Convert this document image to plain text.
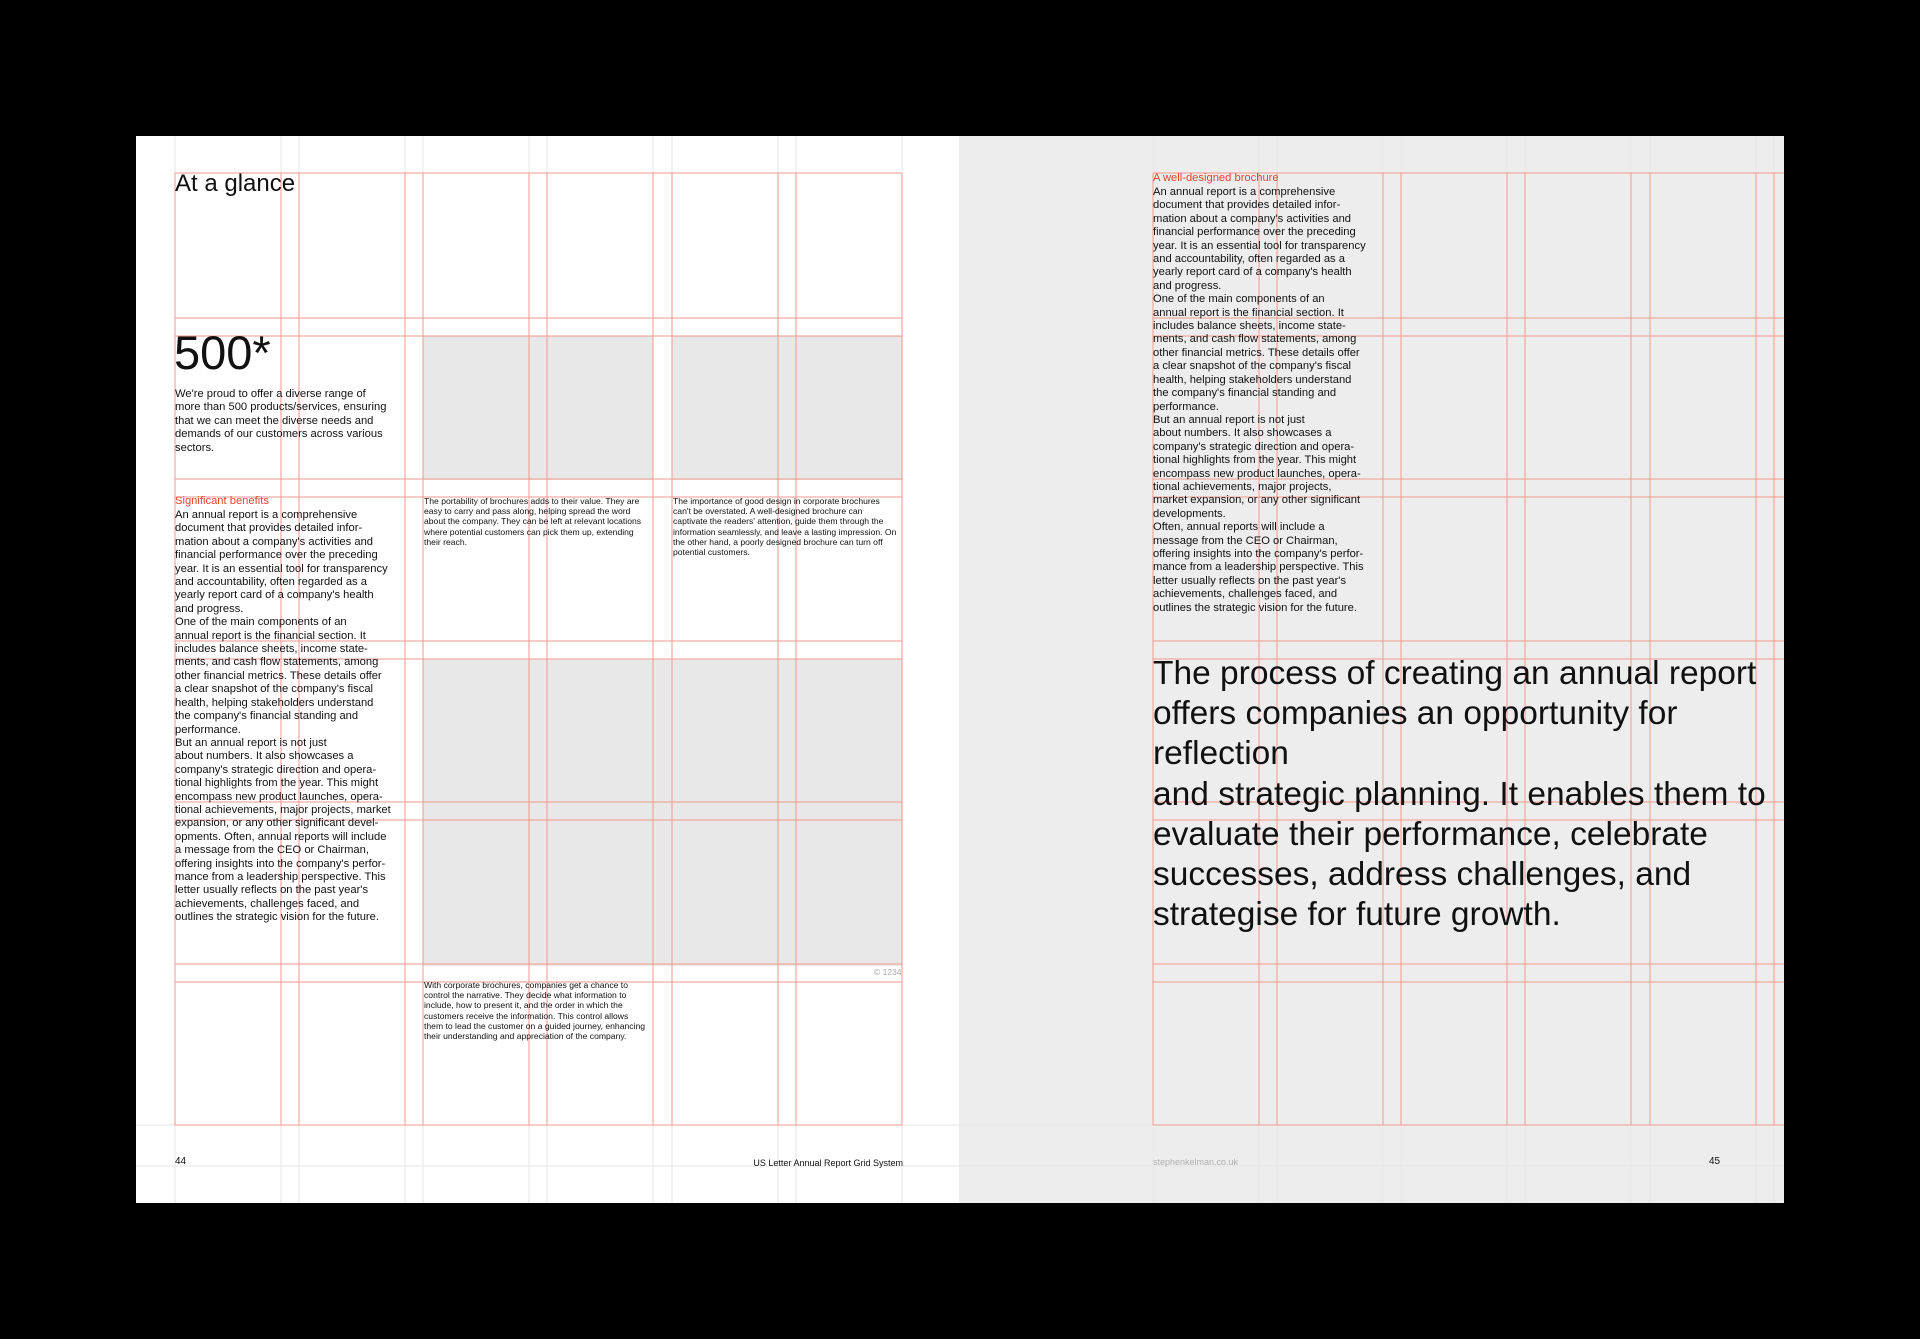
At a glance

500*

We're proud to offer a diverse range of
more than 500 products/services, ensuring
that we can meet the diverse needs and
demands of our customers across various
sectors.

Significant benefits

An annual report is a comprehensive
document that provides detailed infor-
mation about a company's activities and
financial performance over the preceding
year. It is an essential tool for transparency
and accountability, often regarded as a
yearly report card of a company's health
and progress.
One of the main components of an
annual report is the financial section. It
includes balance sheets, income state-
ments, and cash flow statements, among
other financial metrics. These details offer
a clear snapshot of the company's fiscal
health, helping stakeholders understand
the company's financial standing and
performance.
But an annual report is not just
about numbers. It also showcases a
company's strategic direction and opera-
tional highlights from the year. This might
encompass new product launches, opera-
tional achievements, major projects, market
expansion, or any other significant devel-
opments. Often, annual reports will include
a message from the CEO or Chairman,
offering insights into the company's perfor-
mance from a leadership perspective. This
letter usually reflects on the past year's
achievements, challenges faced, and
outlines the strategic vision for the future.

The portability of brochures adds to their value. They are
easy to carry and pass along, helping spread the word
about the company. They can be left at relevant locations
where potential customers can pick them up, extending
their reach.

The importance of good design in corporate brochures
can't be overstated. A well-designed brochure can
captivate the readers' attention, guide them through the
information seamlessly, and leave a lasting impression. On
the other hand, a poorly designed brochure can turn off
potential customers.

© 1234

With corporate brochures, companies get a chance to
control the narrative. They decide what information to
include, how to present it, and the order in which the
customers receive the information. This control allows
them to lead the customer on a guided journey, enhancing
their understanding and appreciation of the company.

44	US Letter Annual Report Grid System

A well-designed brochure

An annual report is a comprehensive
document that provides detailed infor-
mation about a company's activities and
financial performance over the preceding
year. It is an essential tool for transparency
and accountability, often regarded as a
yearly report card of a company's health
and progress.
One of the main components of an
annual report is the financial section. It
includes balance sheets, income state-
ments, and cash flow statements, among
other financial metrics. These details offer
a clear snapshot of the company's fiscal
health, helping stakeholders understand
the company's financial standing and
performance.
But an annual report is not just
about numbers. It also showcases a
company's strategic direction and opera-
tional highlights from the year. This might
encompass new product launches, opera-
tional achievements, major projects,
market expansion, or any other significant
developments.
Often, annual reports will include a
message from the CEO or Chairman,
offering insights into the company's perfor-
mance from a leadership perspective. This
letter usually reflects on the past year's
achievements, challenges faced, and
outlines the strategic vision for the future.

The process of creating an annual report
offers companies an opportunity for reflection
and strategic planning. It enables them to
evaluate their performance, celebrate
successes, address challenges, and
strategise for future growth.

stephenkelman.co.uk	45
